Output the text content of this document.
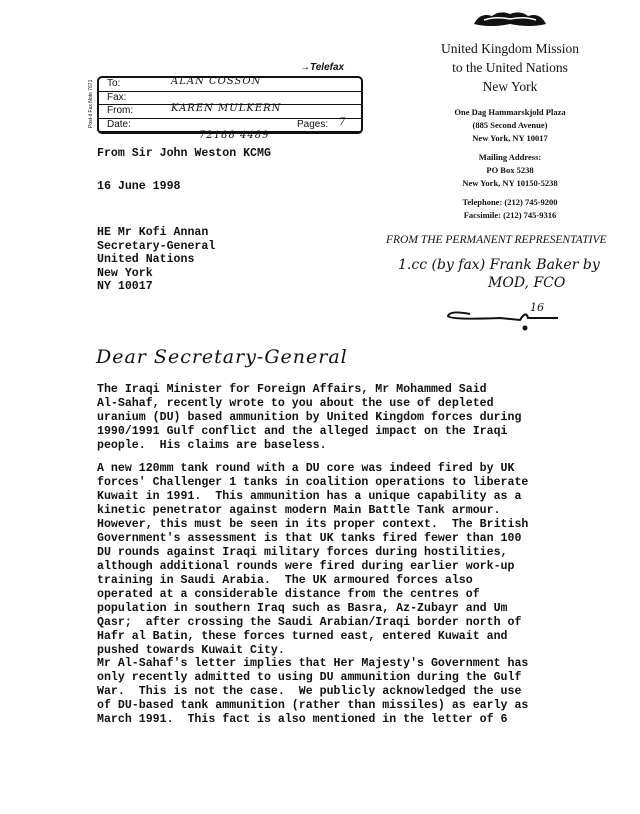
→Telefax
Post-it Fax Note 7671 To:	ALAN COSSON
Fax:
From:	KAREN MULKERN
Date:	Pages: 7
72188 4489
From Sir John Weston KCMG
16 June 1998
HE Mr Kofi Annan
Secretary-General
United Nations
New York
NY 10017
United Kingdom Mission
to the United Nations
New York
One Dag Hammarskjold Plaza
(885 Second Avenue)
New York, NY 10017
Mailing Address:
PO Box 5238
New York, NY 10150-5238
Telephone: (212) 745-9200
Facsimile: (212) 745-9316
FROM THE PERMANENT REPRESENTATIVE
1.cc (by fax) Frank Baker by
MOD, FCO
16
Dear Secretary-General
The Iraqi Minister for Foreign Affairs, Mr Mohammed Said
Al-Sahaf, recently wrote to you about the use of depleted
uranium (DU) based ammunition by United Kingdom forces during
1990/1991 Gulf conflict and the alleged impact on the Iraqi
people.  His claims are baseless.
A new 120mm tank round with a DU core was indeed fired by UK
forces' Challenger 1 tanks in coalition operations to liberate
Kuwait in 1991.  This ammunition has a unique capability as a
kinetic penetrator against modern Main Battle Tank armour.
However, this must be seen in its proper context.  The British
Government's assessment is that UK tanks fired fewer than 100
DU rounds against Iraqi military forces during hostilities,
although additional rounds were fired during earlier work-up
training in Saudi Arabia.  The UK armoured forces also
operated at a considerable distance from the centres of
population in southern Iraq such as Basra, Az-Zubayr and Um
Qasr;  after crossing the Saudi Arabian/Iraqi border north of
Hafr al Batin, these forces turned east, entered Kuwait and
pushed towards Kuwait City.
Mr Al-Sahaf's letter implies that Her Majesty's Government has
only recently admitted to using DU ammunition during the Gulf
War.  This is not the case.  We publicly acknowledged the use
of DU-based tank ammunition (rather than missiles) as early as
March 1991.  This fact is also mentioned in the letter of 6
